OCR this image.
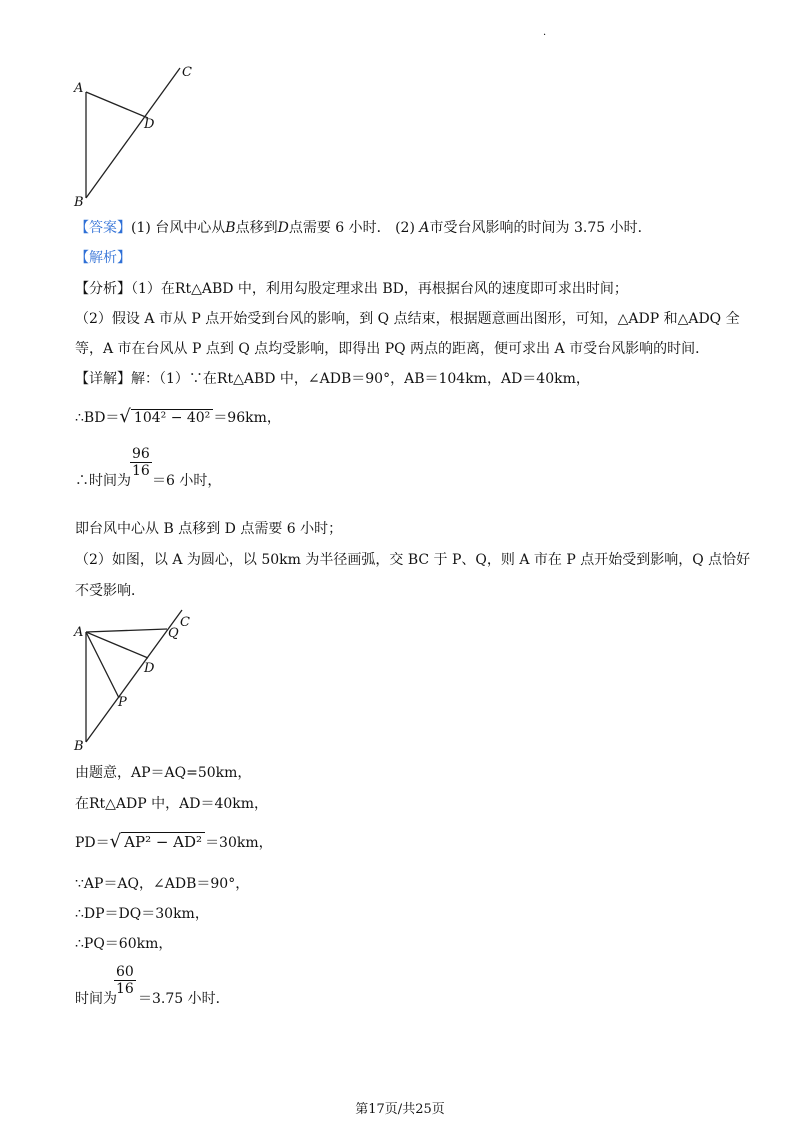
·
A
B
C
D
【答案】(1) 台风中心从B点移到D点需要 6 小时． (2) A市受台风影响的时间为 3.75 小时．
【解析】
【分析】（1）在Rt△ABD 中，利用勾股定理求出 BD，再根据台风的速度即可求出时间；
（2）假设 A 市从 P 点开始受到台风的影响，到 Q 点结束，根据题意画出图形，可知，△ADP 和△ADQ 全
等，A 市在台风从 P 点到 Q 点均受影响，即得出 PQ 两点的距离，便可求出 A 市受台风影响的时间．
【详解】解：（1）∵在Rt△ABD 中，∠ADB＝90°，AB＝104km，AD＝40km，
∴BD＝√ 104² − 40² ＝96km，
$\frac{96}{16}$
∴时间为 ＝6 小时，
即台风中心从 B 点移到 D 点需要 6 小时；
（2）如图，以 A 为圆心，以 50km 为半径画弧，交 BC 于 P、Q，则 A 市在 P 点开始受到影响，Q 点恰好
不受影响．
A
B
C
Q
D
P
由题意，AP＝AQ=50km，
在Rt△ADP 中，AD＝40km，
PD＝√ AP² − AD² ＝30km，
∵AP＝AQ，∠ADB＝90°，
∴DP＝DQ＝30km，
∴PQ＝60km，
$\frac{60}{16}$
时间为 ＝3.75 小时．
第17页/共25页
